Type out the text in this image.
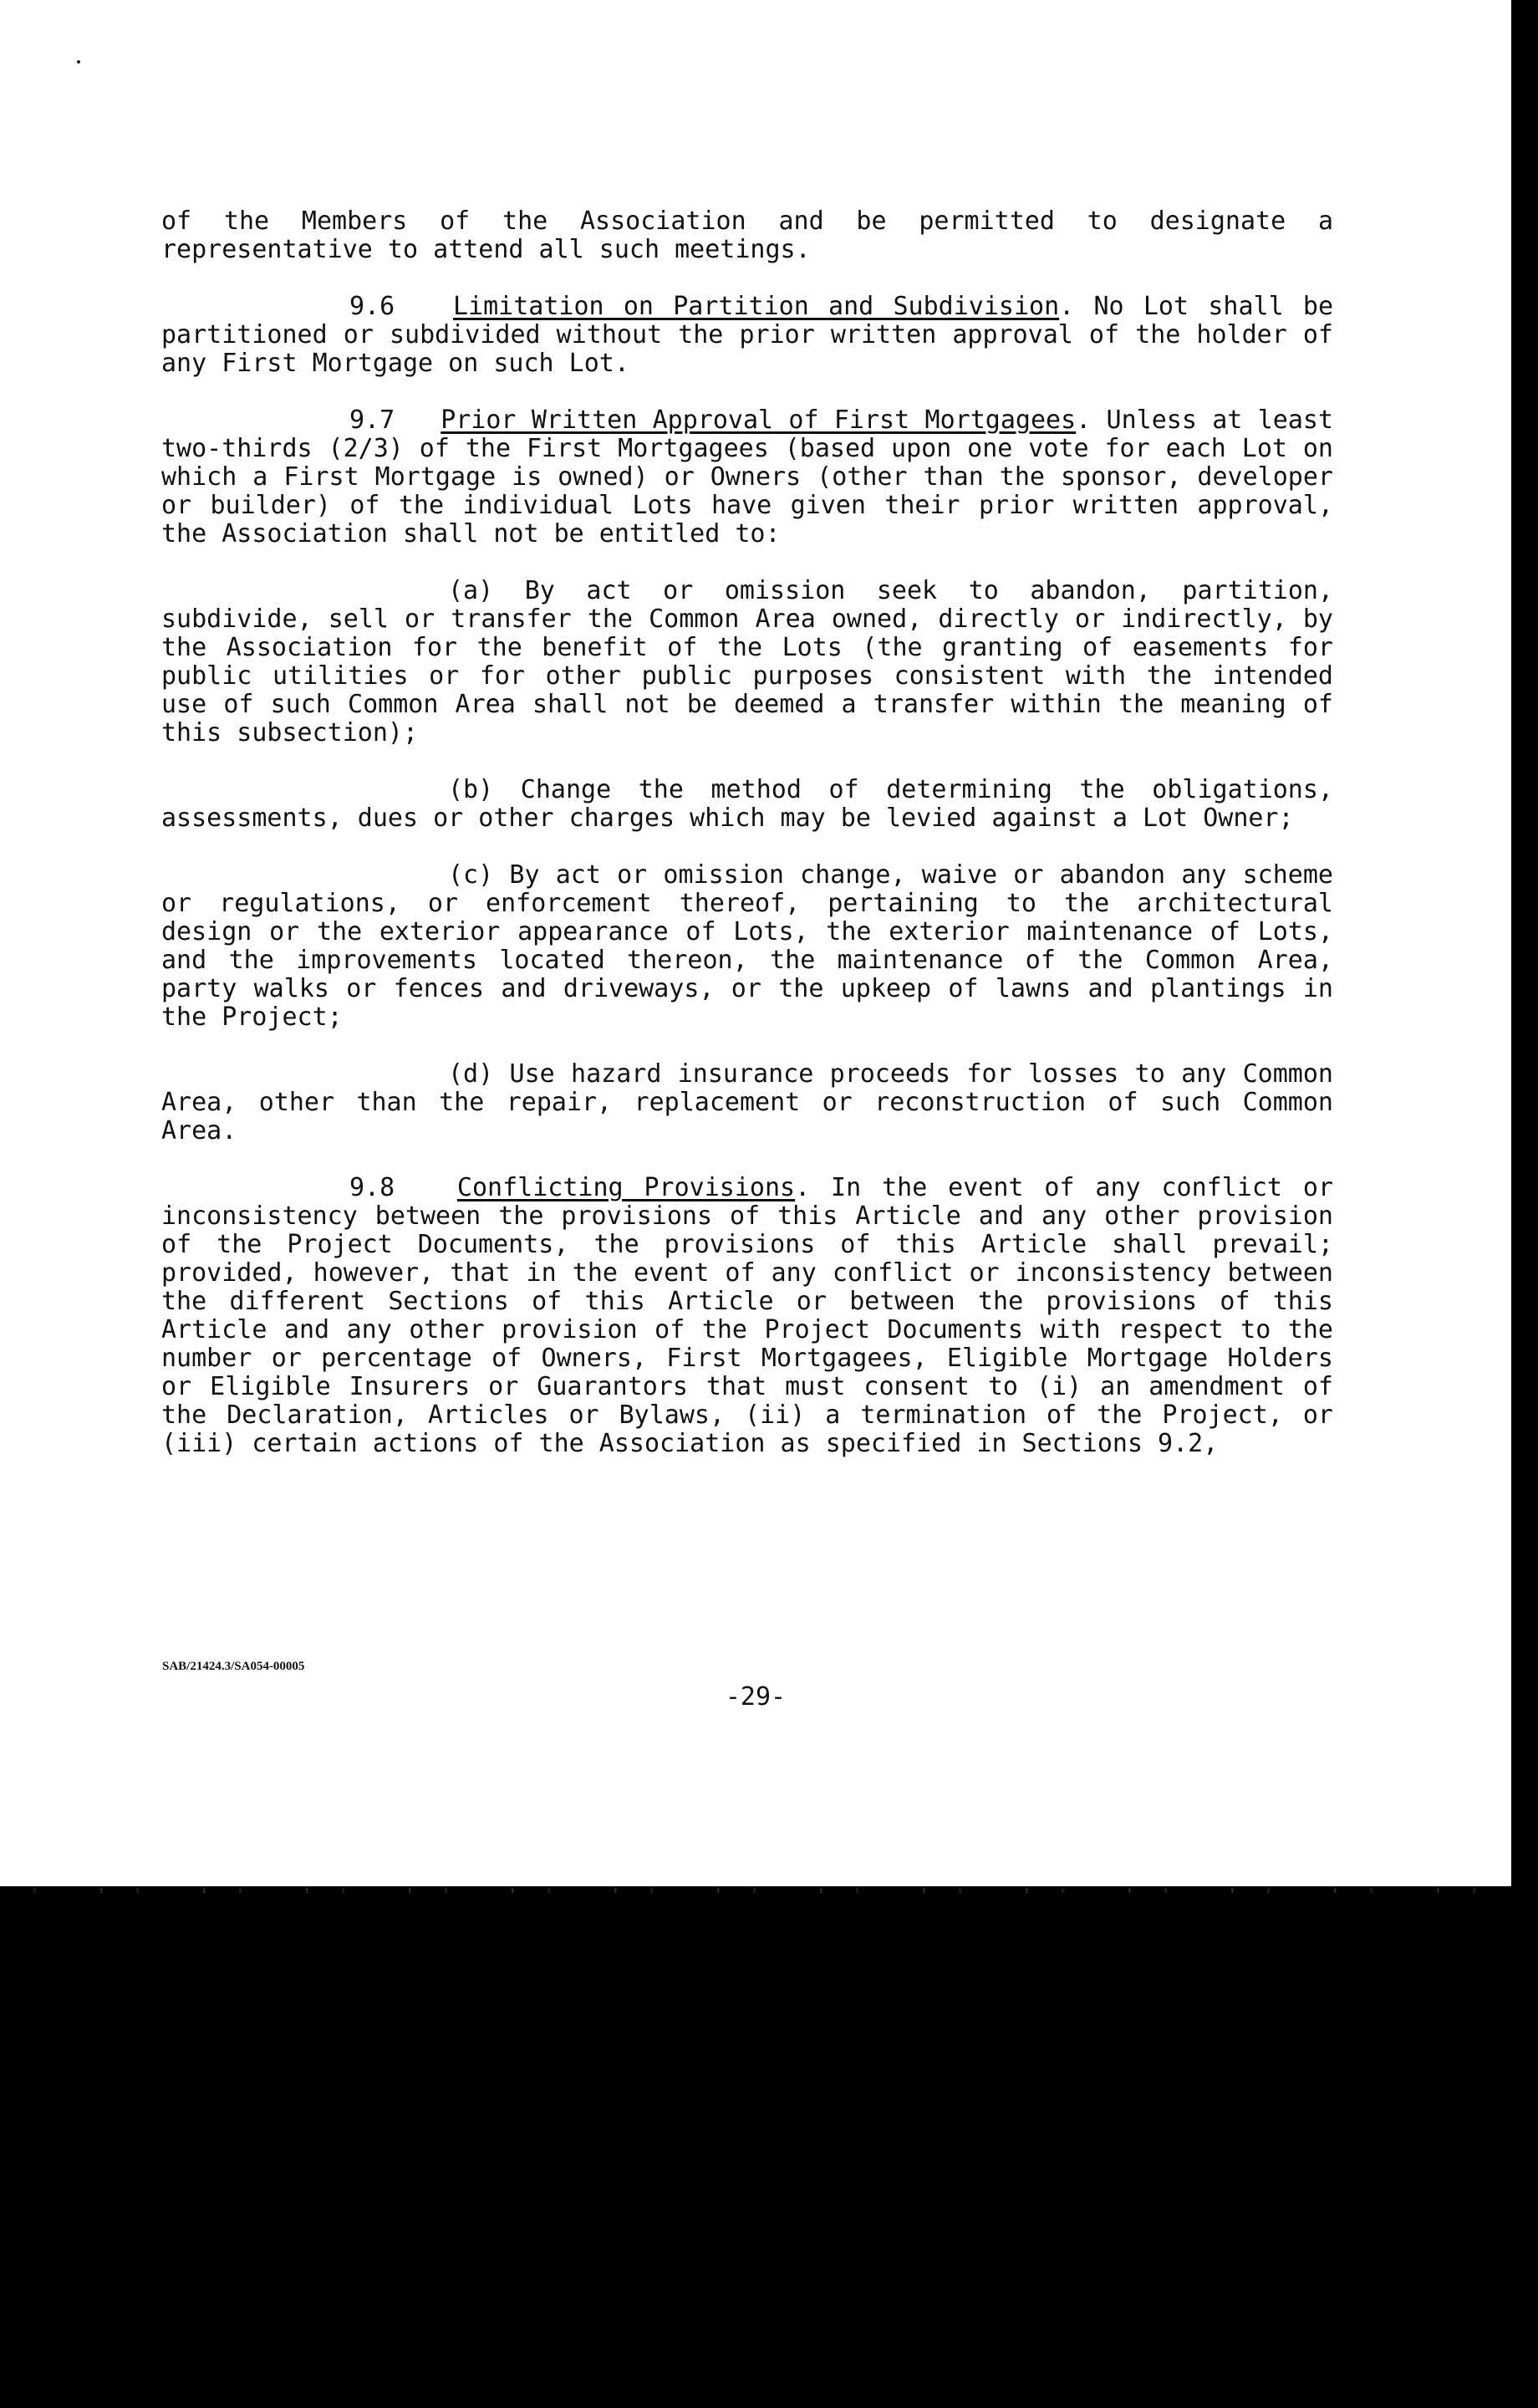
of the Members of the Association and be permitted to designate a representative to attend all such meetings.

9.6 Limitation on Partition and Subdivision. No Lot shall be partitioned or subdivided without the prior written approval of the holder of any First Mortgage on such Lot.

9.7 Prior Written Approval of First Mortgagees. Unless at least two-thirds (2/3) of the First Mortgagees (based upon one vote for each Lot on which a First Mortgage is owned) or Owners (other than the sponsor, developer or builder) of the individual Lots have given their prior written approval, the Association shall not be entitled to:

(a) By act or omission seek to abandon, partition, subdivide, sell or transfer the Common Area owned, directly or indirectly, by the Association for the benefit of the Lots (the granting of easements for public utilities or for other public purposes consistent with the intended use of such Common Area shall not be deemed a transfer within the meaning of this subsection);

(b) Change the method of determining the obligations, assessments, dues or other charges which may be levied against a Lot Owner;

(c) By act or omission change, waive or abandon any scheme or regulations, or enforcement thereof, pertaining to the architectural design or the exterior appearance of Lots, the exterior maintenance of Lots, and the improvements located thereon, the maintenance of the Common Area, party walks or fences and driveways, or the upkeep of lawns and plantings in the Project;

(d) Use hazard insurance proceeds for losses to any Common Area, other than the repair, replacement or reconstruction of such Common Area.

9.8 Conflicting Provisions. In the event of any conflict or inconsistency between the provisions of this Article and any other provision of the Project Documents, the provisions of this Article shall prevail; provided, however, that in the event of any conflict or inconsistency between the different Sections of this Article or between the provisions of this Article and any other provision of the Project Documents with respect to the number or percentage of Owners, First Mortgagees, Eligible Mortgage Holders or Eligible Insurers or Guarantors that must consent to (i) an amendment of the Declaration, Articles or Bylaws, (ii) a termination of the Project, or (iii) certain actions of the Association as specified in Sections 9.2,

SAB/21424.3/SA054-00005
-29-
